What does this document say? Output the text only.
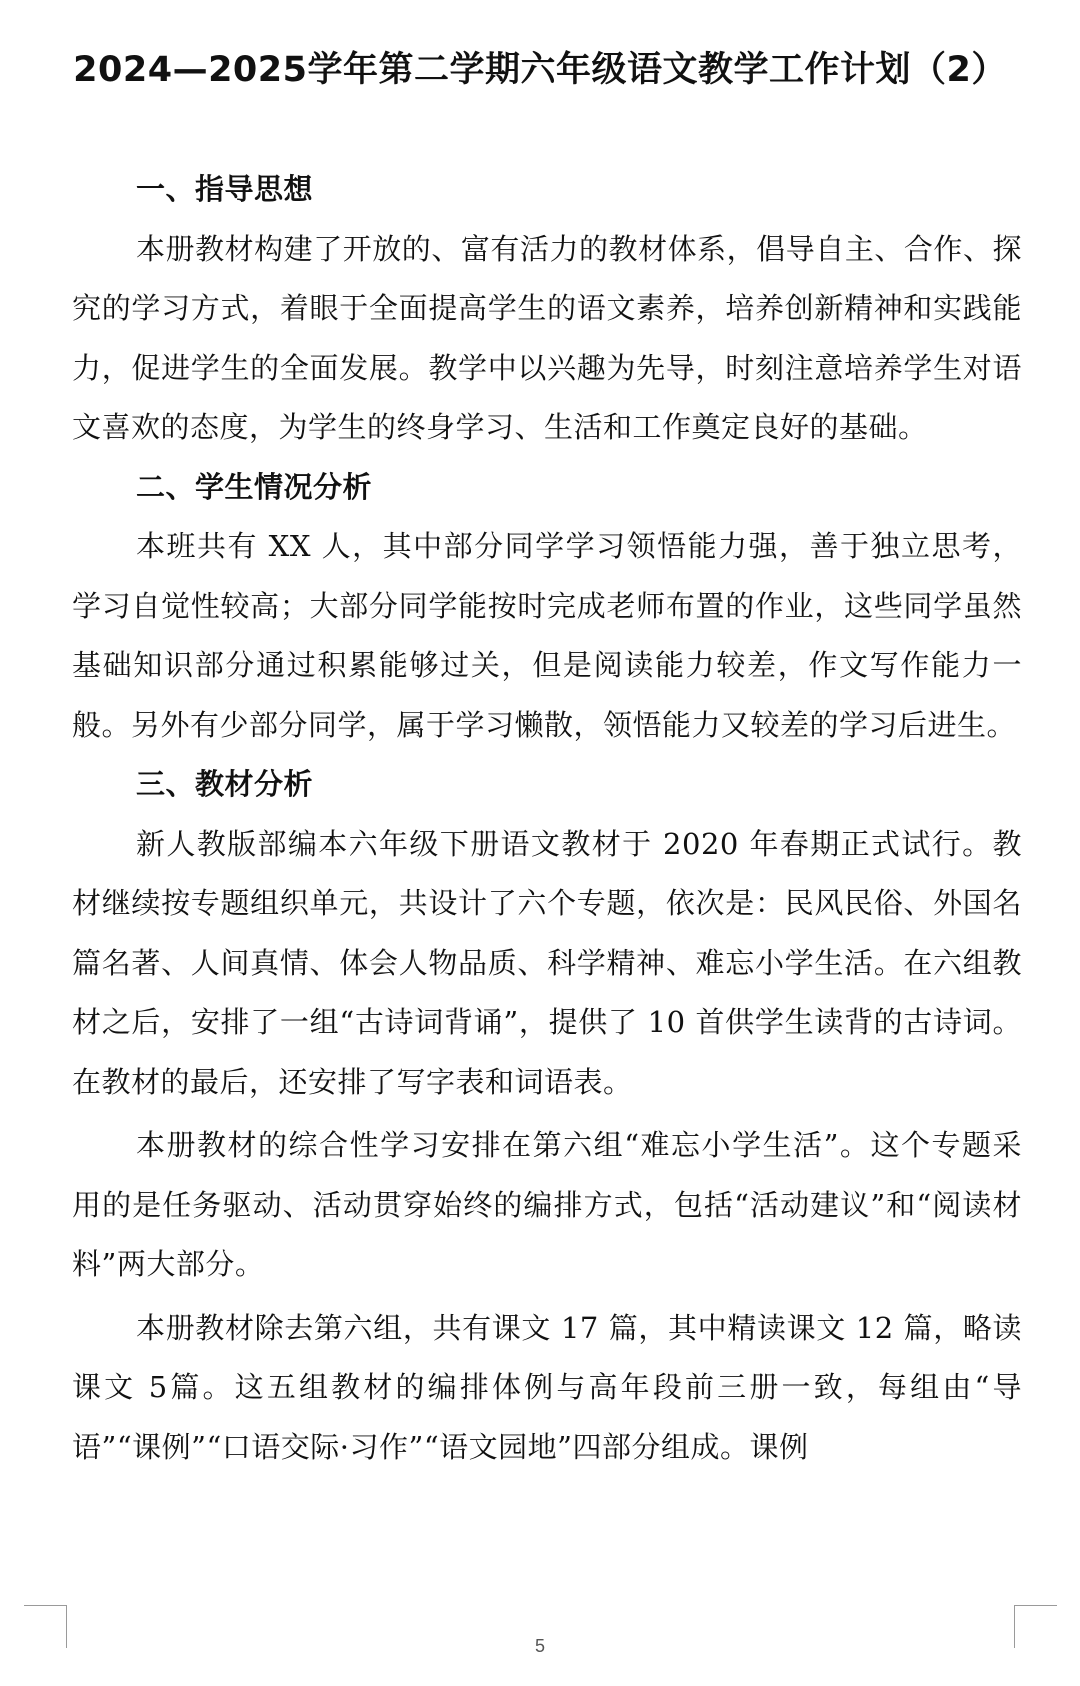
2024—2025学年第二学期六年级语文教学工作计划（2）

一、指导思想

本册教材构建了开放的、富有活力的教材体系，倡导自主、合作、探究的学习方式，着眼于全面提高学生的语文素养，培养创新精神和实践能力，促进学生的全面发展。教学中以兴趣为先导，时刻注意培养学生对语文喜欢的态度，为学生的终身学习、生活和工作奠定良好的基础。

二、学生情况分析

本班共有 XX 人，其中部分同学学习领悟能力强，善于独立思考，学习自觉性较高；大部分同学能按时完成老师布置的作业，这些同学虽然基础知识部分通过积累能够过关，但是阅读能力较差，作文写作能力一般。另外有少部分同学，属于学习懒散，领悟能力又较差的学习后进生。

三、教材分析

新人教版部编本六年级下册语文教材于 2020 年春期正式试行。教材继续按专题组织单元，共设计了六个专题，依次是：民风民俗、外国名篇名著、人间真情、体会人物品质、科学精神、难忘小学生活。在六组教材之后，安排了一组“古诗词背诵”，提供了 10 首供学生读背的古诗词。在教材的最后，还安排了写字表和词语表。

本册教材的综合性学习安排在第六组“难忘小学生活”。这个专题采用的是任务驱动、活动贯穿始终的编排方式，包括“活动建议”和“阅读材料”两大部分。

本册教材除去第六组，共有课文 17 篇，其中精读课文 12 篇，略读课文 5篇。这五组教材的编排体例与高年段前三册一致，每组由“导语”“课例”“口语交际·习作”“语文园地”四部分组成。课例

5
